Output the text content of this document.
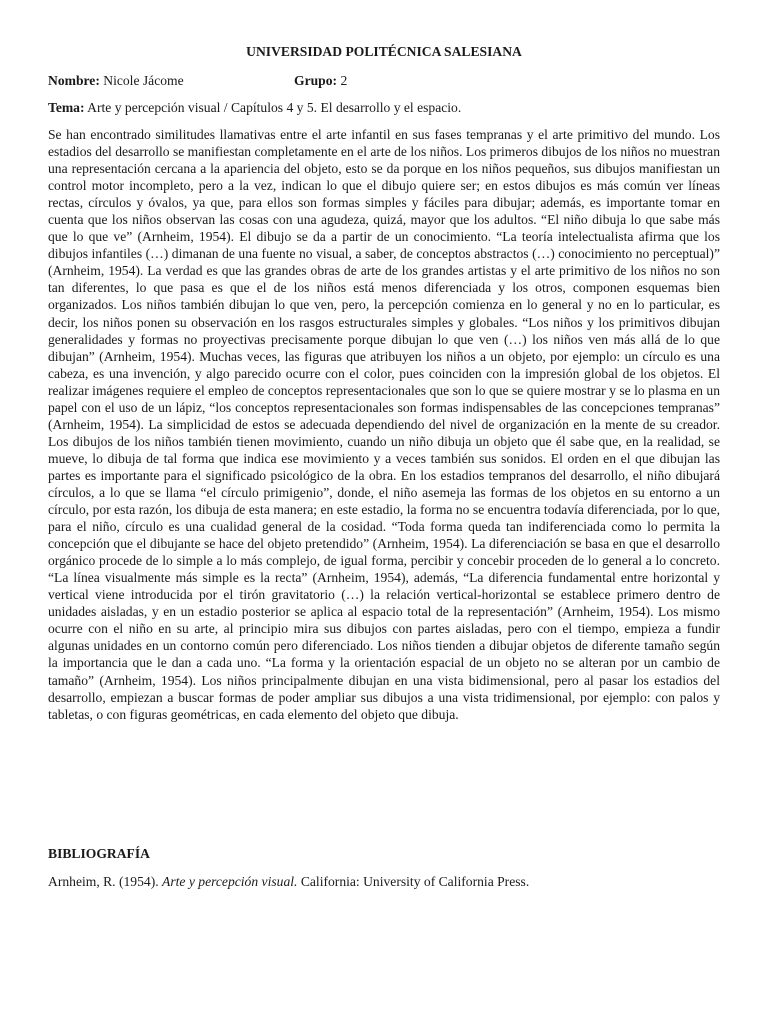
UNIVERSIDAD POLITÉCNICA SALESIANA
Nombre: Nicole Jácome	Grupo: 2
Tema: Arte y percepción visual / Capítulos 4 y 5. El desarrollo y el espacio.

Se han encontrado similitudes llamativas entre el arte infantil en sus fases tempranas y el arte primitivo del mundo. Los estadios del desarrollo se manifiestan completamente en el arte de los niños. Los primeros dibujos de los niños no muestran una representación cercana a la apariencia del objeto, esto se da porque en los niños pequeños, sus dibujos manifiestan un control motor incompleto, pero a la vez, indican lo que el dibujo quiere ser; en estos dibujos es más común ver líneas rectas, círculos y óvalos, ya que, para ellos son formas simples y fáciles para dibujar; además, es importante tomar en cuenta que los niños observan las cosas con una agudeza, quizá, mayor que los adultos. “El niño dibuja lo que sabe más que lo que ve” (Arnheim, 1954). El dibujo se da a partir de un conocimiento. “La teoría intelectualista afirma que los dibujos infantiles (…) dimanan de una fuente no visual, a saber, de conceptos abstractos (…) conocimiento no perceptual)” (Arnheim, 1954). La verdad es que las grandes obras de arte de los grandes artistas y el arte primitivo de los niños no son tan diferentes, lo que pasa es que el de los niños está menos diferenciada y los otros, componen esquemas bien organizados. Los niños también dibujan lo que ven, pero, la percepción comienza en lo general y no en lo particular, es decir, los niños ponen su observación en los rasgos estructurales simples y globales. “Los niños y los primitivos dibujan generalidades y formas no proyectivas precisamente porque dibujan lo que ven (…) los niños ven más allá de lo que dibujan” (Arnheim, 1954). Muchas veces, las figuras que atribuyen los niños a un objeto, por ejemplo: un círculo es una cabeza, es una invención, y algo parecido ocurre con el color, pues coinciden con la impresión global de los objetos. El realizar imágenes requiere el empleo de conceptos representacionales que son lo que se quiere mostrar y se lo plasma en un papel con el uso de un lápiz, “los conceptos representacionales son formas indispensables de las concepciones tempranas” (Arnheim, 1954). La simplicidad de estos se adecuada dependiendo del nivel de organización en la mente de su creador. Los dibujos de los niños también tienen movimiento, cuando un niño dibuja un objeto que él sabe que, en la realidad, se mueve, lo dibuja de tal forma que indica ese movimiento y a veces también sus sonidos. El orden en el que dibujan las partes es importante para el significado psicológico de la obra. En los estadios tempranos del desarrollo, el niño dibujará círculos, a lo que se llama “el círculo primigenio”, donde, el niño asemeja las formas de los objetos en su entorno a un círculo, por esta razón, los dibuja de esta manera; en este estadio, la forma no se encuentra todavía diferenciada, por lo que, para el niño, círculo es una cualidad general de la cosidad. “Toda forma queda tan indiferenciada como lo permita la concepción que el dibujante se hace del objeto pretendido” (Arnheim, 1954). La diferenciación se basa en que el desarrollo orgánico procede de lo simple a lo más complejo, de igual forma, percibir y concebir proceden de lo general a lo concreto. “La línea visualmente más simple es la recta” (Arnheim, 1954), además, “La diferencia fundamental entre horizontal y vertical viene introducida por el tirón gravitatorio (…) la relación vertical-horizontal se establece primero dentro de unidades aisladas, y en un estadio posterior se aplica al espacio total de la representación” (Arnheim, 1954). Los mismo ocurre con el niño en su arte, al principio mira sus dibujos con partes aisladas, pero con el tiempo, empieza a fundir algunas unidades en un contorno común pero diferenciado. Los niños tienden a dibujar objetos de diferente tamaño según la importancia que le dan a cada uno. “La forma y la orientación espacial de un objeto no se alteran por un cambio de tamaño” (Arnheim, 1954). Los niños principalmente dibujan en una vista bidimensional, pero al pasar los estadios del desarrollo, empiezan a buscar formas de poder ampliar sus dibujos a una vista tridimensional, por ejemplo: con palos y tabletas, o con figuras geométricas, en cada elemento del objeto que dibuja.

BIBLIOGRAFÍA
Arnheim, R. (1954). Arte y percepción visual. California: University of California Press.
